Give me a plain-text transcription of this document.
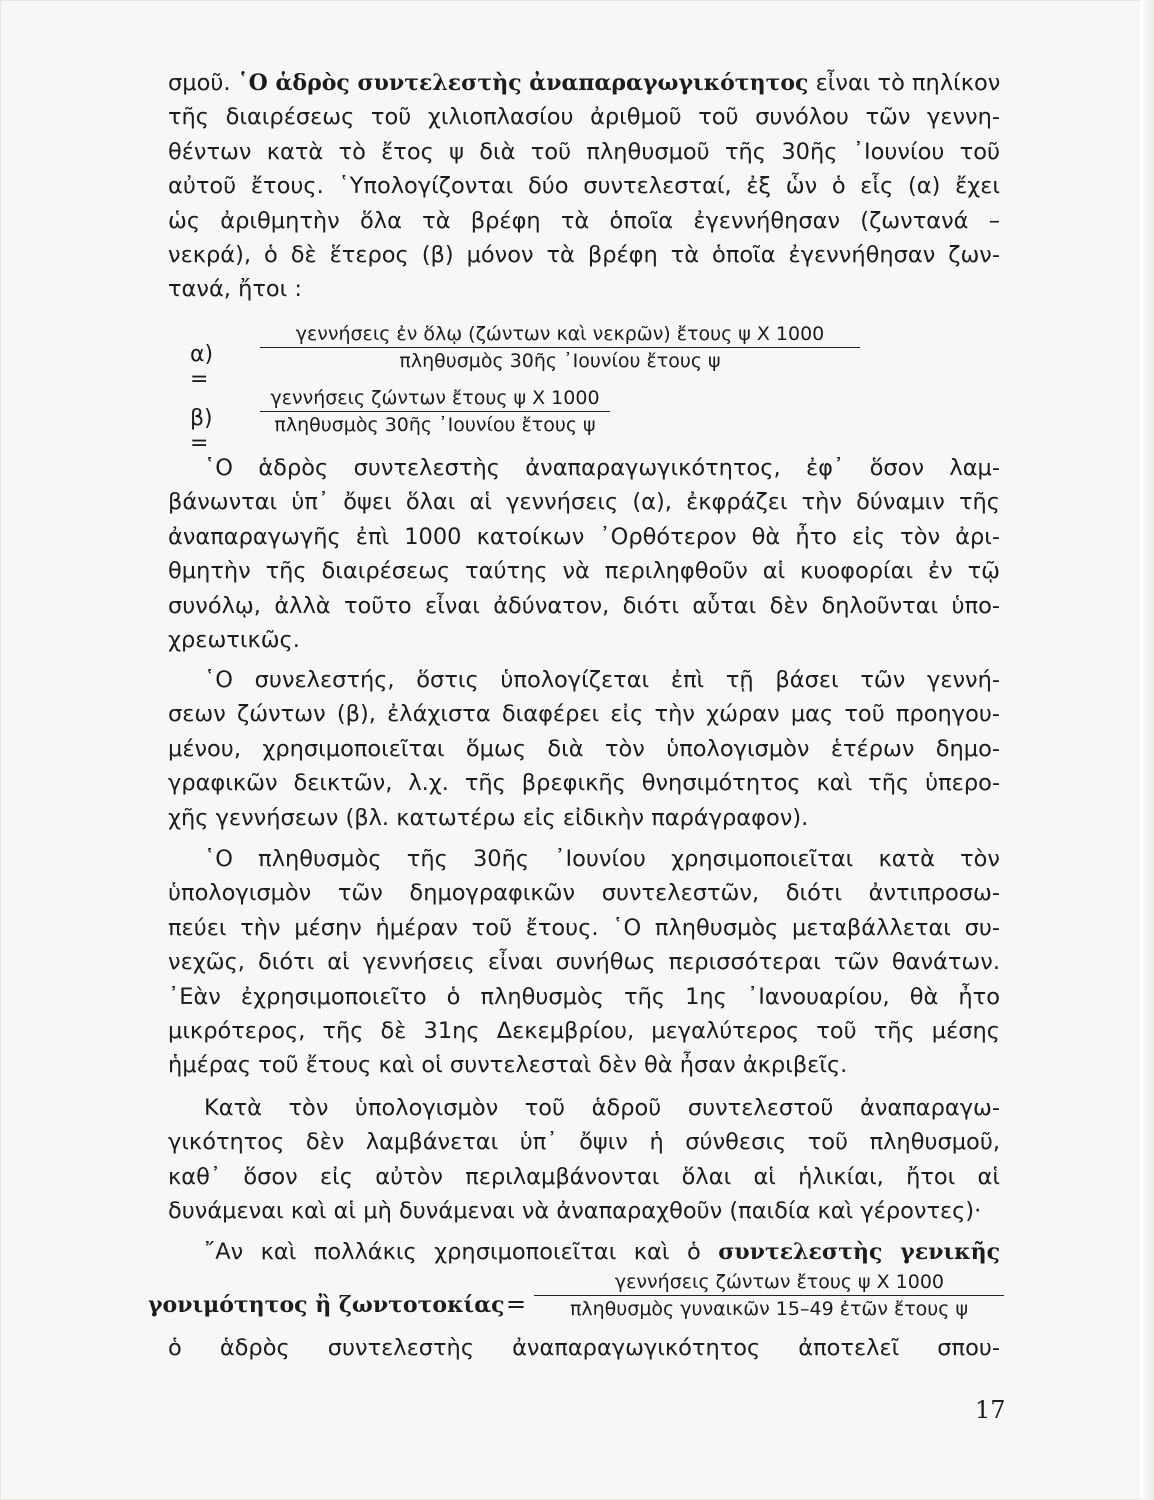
σμοῦ. ῾Ο ἁδρὸς συντελεστὴς ἀναπαραγωγικότητος εἶναι τὸ πηλίκον
τῆς διαιρέσεως τοῦ χιλιοπλασίου ἀριθμοῦ τοῦ συνόλου τῶν γεννη-
θέντων κατὰ τὸ ἔτος ψ διὰ τοῦ πληθυσμοῦ τῆς 30ῆς ᾽Ιουνίου τοῦ
αὐτοῦ ἔτους. ῾Υπολογίζονται δύο συντελεσταί, ἐξ ὧν ὁ εἷς (α) ἔχει
ὡς ἀριθμητὴν ὅλα τὰ βρέφη τὰ ὁποῖα ἐγεννήθησαν (ζωντανά –
νεκρά), ὁ δὲ ἕτερος (β) μόνον τὰ βρέφη τὰ ὁποῖα ἐγεννήθησαν ζων-
τανά, ἤτοι :
α) =
γεννήσεις ἐν ὅλῳ (ζώντων καὶ νεκρῶν) ἔτους ψ X 1000
πληθυσμὸς 30ῆς ᾽Ιουνίου ἔτους ψ
β) =
γεννήσεις ζώντων ἔτους ψ X 1000
πληθυσμὸς 30ῆς ᾽Ιουνίου ἔτους ψ
῾Ο ἁδρὸς συντελεστὴς ἀναπαραγωγικότητος, ἐφ᾽ ὅσον λαμ-
βάνωνται ὑπ᾽ ὄψει ὅλαι αἱ γεννήσεις (α), ἐκφράζει τὴν δύναμιν τῆς
ἀναπαραγωγῆς ἐπὶ 1000 κατοίκων ᾽Ορθότερον θὰ ἦτο εἰς τὸν ἀρι-
θμητὴν τῆς διαιρέσεως ταύτης νὰ περιληφθοῦν αἱ κυοφορίαι ἐν τῷ
συνόλῳ, ἀλλὰ τοῦτο εἶναι ἀδύνατον, διότι αὗται δὲν δηλοῦνται ὑπο-
χρεωτικῶς.
῾Ο συνελεστής, ὅστις ὑπολογίζεται ἐπὶ τῇ βάσει τῶν γεννή-
σεων ζώντων (β), ἐλάχιστα διαφέρει εἰς τὴν χώραν μας τοῦ προηγου-
μένου, χρησιμοποιεῖται ὅμως διὰ τὸν ὑπολογισμὸν ἑτέρων δημο-
γραφικῶν δεικτῶν, λ.χ. τῆς βρεφικῆς θνησιμότητος καὶ τῆς ὑπερο-
χῆς γεννήσεων (βλ. κατωτέρω εἰς εἰδικὴν παράγραφον).
῾Ο πληθυσμὸς τῆς 30ῆς ᾽Ιουνίου χρησιμοποιεῖται κατὰ τὸν
ὑπολογισμὸν τῶν δημογραφικῶν συντελεστῶν, διότι ἀντιπροσω-
πεύει τὴν μέσην ἡμέραν τοῦ ἔτους. ῾Ο πληθυσμὸς μεταβάλλεται συ-
νεχῶς, διότι αἱ γεννήσεις εἶναι συνήθως περισσότεραι τῶν θανάτων.
᾽Εὰν ἐχρησιμοποιεῖτο ὁ πληθυσμὸς τῆς 1ης ᾽Ιανουαρίου, θὰ ἦτο
μικρότερος, τῆς δὲ 31ης Δεκεμβρίου, μεγαλύτερος τοῦ τῆς μέσης
ἡμέρας τοῦ ἔτους καὶ οἱ συντελεσταὶ δὲν θὰ ἦσαν ἀκριβεῖς.
Κατὰ τὸν ὑπολογισμὸν τοῦ ἁδροῦ συντελεστοῦ ἀναπαραγω-
γικότητος δὲν λαμβάνεται ὑπ᾽ ὄψιν ἡ σύνθεσις τοῦ πληθυσμοῦ,
καθ᾽ ὅσον εἰς αὐτὸν περιλαμβάνονται ὅλαι αἱ ἡλικίαι, ἤτοι αἱ
δυνάμεναι καὶ αἱ μὴ δυνάμεναι νὰ ἀναπαραχθοῦν (παιδία καὶ γέροντες)·
῎Αν καὶ πολλάκις χρησιμοποιεῖται καὶ ὁ συντελεστὴς γενικῆς
γονιμότητος ἢ ζωντοτοκίας =
γεννήσεις ζώντων ἔτους ψ X 1000
πληθυσμὸς γυναικῶν 15–49 ἐτῶν ἔτους ψ
ὁ ἁδρὸς συντελεστὴς ἀναπαραγωγικότητος ἀποτελεῖ σπου-
17
